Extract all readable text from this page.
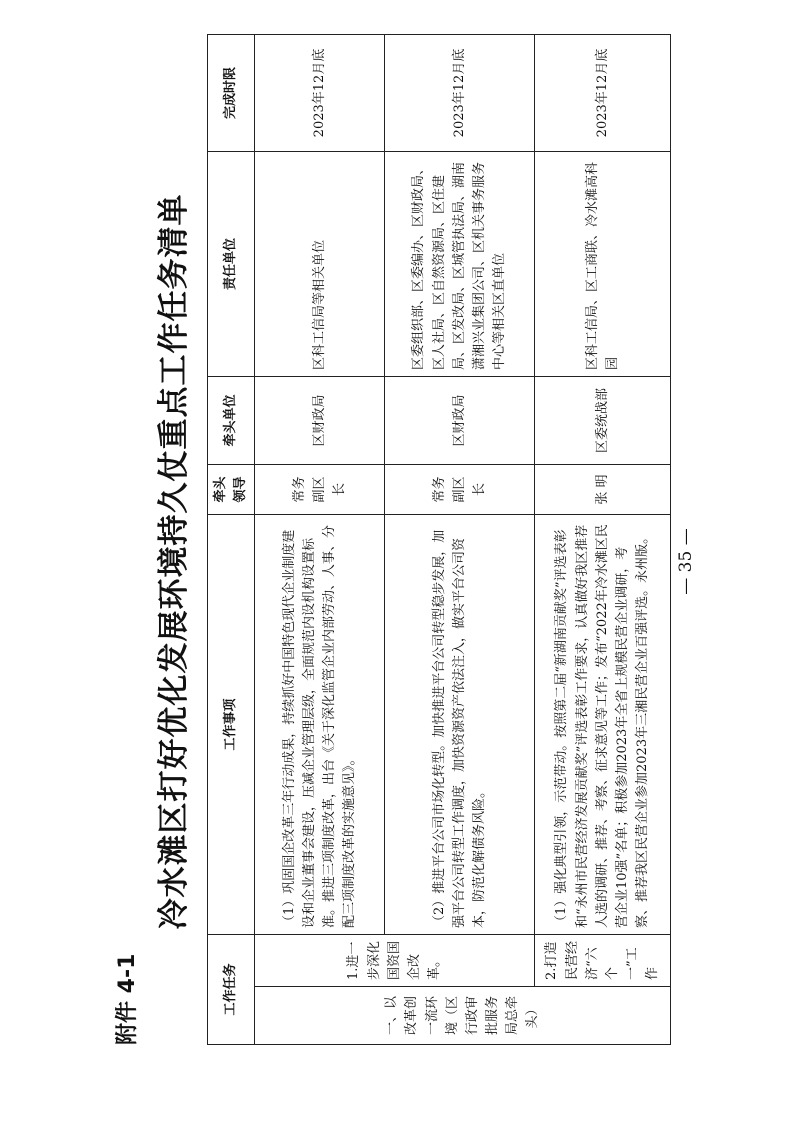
附件 4-1
冷水滩区打好优化发展环境持久仗重点工作任务清单
工作任务		工作事项	牵头领导	牵头单位	责任单位	完成时限
一、以改革创一流环境（区行政审批服务局总牵头）	1.进一步深化国资国企改革。	（1）巩固国企改革三年行动成果，持续抓好中国特色现代企业制度建设和企业董事会建设，压减企业管理层级，全面规范内设机构设置标准。推进三项制度改革，出台《关于深化监管企业内部劳动、人事、分配三项制度改革的实施意见》。	常务副区长	区财政局	区科工信局等相关单位	2023年12月底
		（2）推进平台公司市场化转型。加快推进平台公司转型稳步发展，加强平台公司转型工作调度，加快资源资产依法注入，做实平台公司资本，防范化解债务风险。	常务副区长	区财政局	区委组织部、区委编办、区财政局、区人社局、区自然资源局、区住建局、区发改局、区城管执法局、湖南潇湘兴业集团公司、区机关事务服务中心等相关区直单位	2023年12月底
	2.打造民营经济“六个一”工作	（1）强化典型引领，示范带动。按照第二届“新湖南贡献奖”评选表彰和“永州市民营经济发展贡献奖”评选表彰工作要求，认真做好我区推荐人选的调研、推荐、考察、征求意见等工作；发布“2022年冷水滩区民营企业10强”名单；积极参加2023年全省上规模民营企业调研，考察、推荐我区民营企业参加2023年三湘民营企业百强评选。永州版。	张 明	区委统战部	区科工信局、区工商联、冷水滩高科园	2023年12月底
— 35 —
